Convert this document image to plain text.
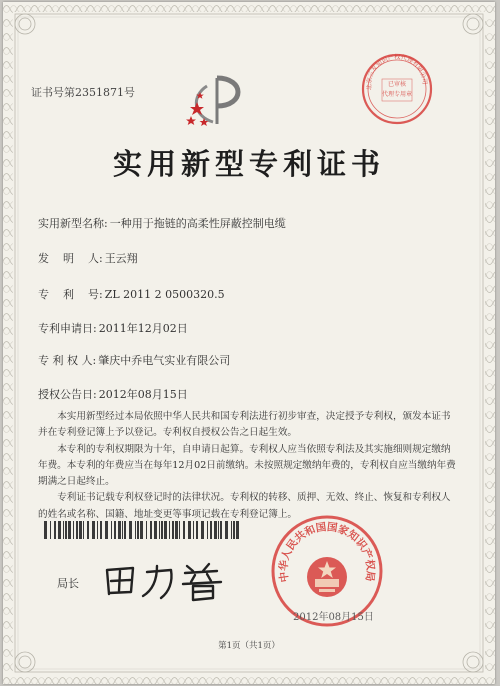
证书号第2351871号	北京三友知识产权代理有限公司
已审核
代理专用章
实用新型专利证书
实用新型名称: 一种用于拖链的高柔性屏蔽控制电缆
发    明    人: 王云翔
专    利    号: ZL 2011 2 0500320.5
专利申请日: 2011年12月02日
专 利 权 人: 肇庆中乔电气实业有限公司
授权公告日: 2012年08月15日

本实用新型经过本局依照中华人民共和国专利法进行初步审查，决定授予专利权，颁发本证书并在专利登记簿上予以登记。专利权自授权公告之日起生效。

本专利的专利权期限为十年，自申请日起算。专利权人应当依照专利法及其实施细则规定缴纳年费。本专利的年费应当在每年12月02日前缴纳。未按照规定缴纳年费的，专利权自应当缴纳年费期满之日起终止。

专利证书记载专利权登记时的法律状况。专利权的转移、质押、无效、终止、恢复和专利权人的姓名或名称、国籍、地址变更等事项记载在专利登记簿上。

局长
中华人民共和国国家知识产权局
2012年08月15日
第1页（共1页）
